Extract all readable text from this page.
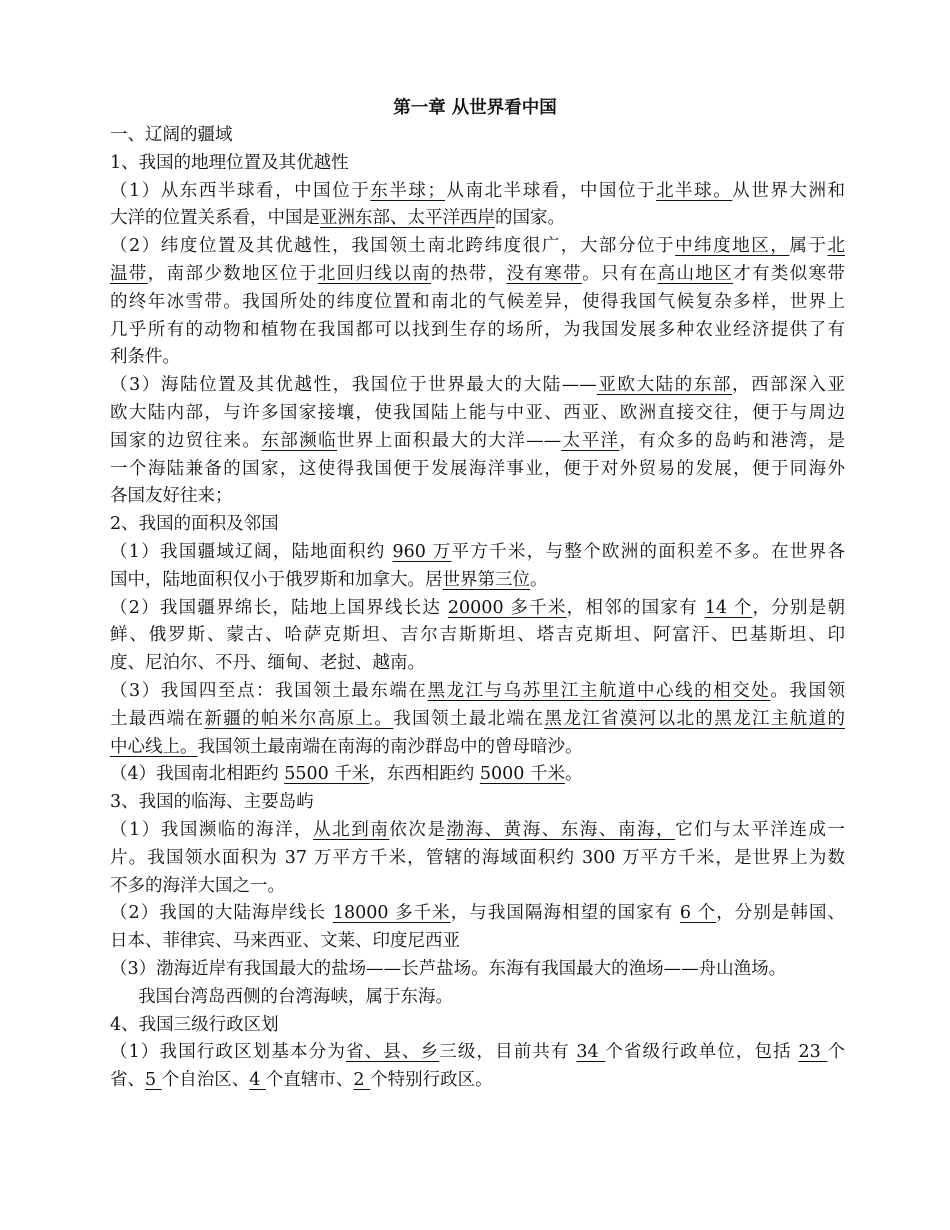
第一章 从世界看中国
一、辽阔的疆域
1、我国的地理位置及其优越性
（1）从东西半球看，中国位于东半球；从南北半球看，中国位于北半球。从世界大洲和
大洋的位置关系看，中国是亚洲东部、太平洋西岸的国家。
（2）纬度位置及其优越性，我国领土南北跨纬度很广，大部分位于中纬度地区，属于北
温带，南部少数地区位于北回归线以南的热带，没有寒带。只有在高山地区才有类似寒带
的终年冰雪带。我国所处的纬度位置和南北的气候差异，使得我国气候复杂多样，世界上
几乎所有的动物和植物在我国都可以找到生存的场所，为我国发展多种农业经济提供了有
利条件。
（3）海陆位置及其优越性，我国位于世界最大的大陆——亚欧大陆的东部，西部深入亚
欧大陆内部，与许多国家接壤，使我国陆上能与中亚、西亚、欧洲直接交往，便于与周边
国家的边贸往来。东部濒临世界上面积最大的大洋——太平洋，有众多的岛屿和港湾，是
一个海陆兼备的国家，这使得我国便于发展海洋事业，便于对外贸易的发展，便于同海外
各国友好往来；
2、我国的面积及邻国
（1）我国疆域辽阔，陆地面积约 960 万平方千米，与整个欧洲的面积差不多。在世界各
国中，陆地面积仅小于俄罗斯和加拿大。居世界第三位。
（2）我国疆界绵长，陆地上国界线长达 20000 多千米，相邻的国家有 14 个，分别是朝
鲜、俄罗斯、蒙古、哈萨克斯坦、吉尔吉斯斯坦、塔吉克斯坦、阿富汗、巴基斯坦、印
度、尼泊尔、不丹、缅甸、老挝、越南。
（3）我国四至点：我国领土最东端在黑龙江与乌苏里江主航道中心线的相交处。我国领
土最西端在新疆的帕米尔高原上。我国领土最北端在黑龙江省漠河以北的黑龙江主航道的
中心线上。我国领土最南端在南海的南沙群岛中的曾母暗沙。
（4）我国南北相距约 5500 千米，东西相距约 5000 千米。
3、我国的临海、主要岛屿
（1）我国濒临的海洋，从北到南依次是渤海、黄海、东海、南海，它们与太平洋连成一
片。我国领水面积为 37 万平方千米，管辖的海域面积约 300 万平方千米，是世界上为数
不多的海洋大国之一。
（2）我国的大陆海岸线长 18000 多千米，与我国隔海相望的国家有 6 个，分别是韩国、
日本、菲律宾、马来西亚、文莱、印度尼西亚
（3）渤海近岸有我国最大的盐场——长芦盐场。东海有我国最大的渔场——舟山渔场。
我国台湾岛西侧的台湾海峡，属于东海。
4、我国三级行政区划
（1）我国行政区划基本分为省、县、乡三级，目前共有 34 个省级行政单位，包括 23 个
省、5 个自治区、4 个直辖市、2 个特别行政区。
